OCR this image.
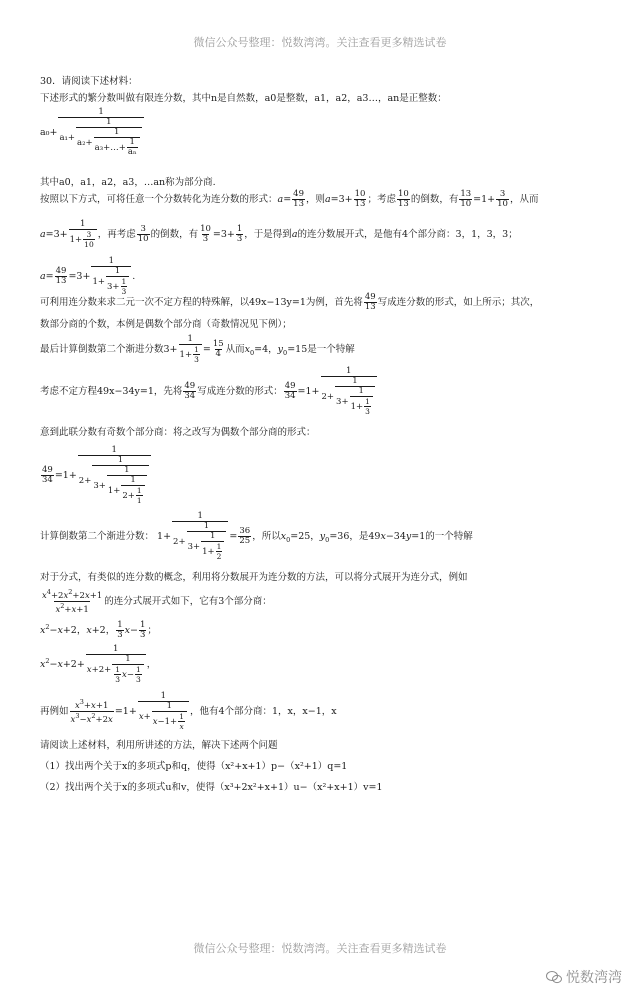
微信公众号整理：悦数湾湾。关注查看更多精选试卷
30．请阅读下述材料：
下述形式的繁分数叫做有限连分数，其中n是自然数，a0是整数，a1，a2，a3…，an是正整数：
$a_0+ \frac{1}{a_1+ \frac{1}{a_2+ \frac{1}{a_3+\dots+ \frac{1}{\text{aₙ}}}}}$
其中a0，a1，a2，a3，…an称为部分商.
按照以下方式，可将任意一个分数转化为连分数的形式：$a= \frac{49}{13}$ ，则$a=3+ \frac{10}{13}$ ；考虑 $\frac{10}{13}$ 的倒数，有 $\frac{13}{10} =1+ \frac{3}{10}$ ，从而
$a=3+ \frac{1}{1+ \frac{3}{10}}$ ，再考虑 $\frac{3}{10}$ 的倒数，有 $\frac{10}{3} =3+ \frac{1}{3}$ ，于是得到a的连分数展开式，是他有4个部分商：3，1，3，3；
$a= \frac{49}{13} =3+ \frac{1}{1+ \frac{1}{3+ \frac{1}{3}}}$ .
可利用连分数来求二元一次不定方程的特殊解，以49x−13y=1为例，首先将 $\frac{49}{13}$ 写成连分数的形式，如上所示；其次，
数部分商的个数，本例是偶数个部分商（奇数情况见下例）；
最后计算倒数第二个渐进分数$3+ \frac{1}{1+ \frac{1}{3}} = \frac{15}{4}$ 从而$x_0=4$，$y_0=15$是一个特解
考虑不定方程49x−34y=1，先将 $\frac{49}{34}$ 写成连分数的形式： $\frac{49}{34} =1+ \frac{1}{2+ \frac{1}{3+ \frac{1}{1+ \frac{1}{3}}}}$
意到此联分数有奇数个部分商：将之改写为偶数个部分商的形式：
$\frac{49}{34} =1+ \frac{1}{2+ \frac{1}{3+ \frac{1}{1+ \frac{1}{2+ \frac{1}{1}}}}}$
计算倒数第二个渐进分数： $1+ \frac{1}{2+ \frac{1}{3+ \frac{1}{1+ \frac{1}{2}}}} = \frac{36}{25}$ ，所以$x_0=25$，$y_0=36$，是49x−34y=1的一个特解
对于分式，有类似的连分数的概念，利用将分数展开为连分数的方法，可以将分式展开为连分式，例如
$\frac{x^4+2x^2+2x+1}{x^2+x+1}$ 的连分式展开式如下，它有3个部分商：
$x^2-x+2$，x+2， $\frac{1}{3} x- \frac{1}{3}$ ；
$x^2-x+2+ \frac{1}{x+2+ \frac{1}{\frac{1}{3} x- \frac{1}{3}}}$ ，
再例如 $\frac{x^3+x+1}{x^3-x^2+2x} =1+ \frac{1}{x+ \frac{1}{x-1+ \frac{1}{x}}}$ ，他有4个部分商：1，x，x−1，x
请阅读上述材料，利用所讲述的方法，解决下述两个问题
（1）找出两个关于x的多项式p和q，使得（x²+x+1）p−（x²+1）q=1
（2）找出两个关于x的多项式u和v，使得（x³+2x²+x+1）u−（x²+x+1）v=1
微信公众号整理：悦数湾湾。关注查看更多精选试卷
悦数湾湾
